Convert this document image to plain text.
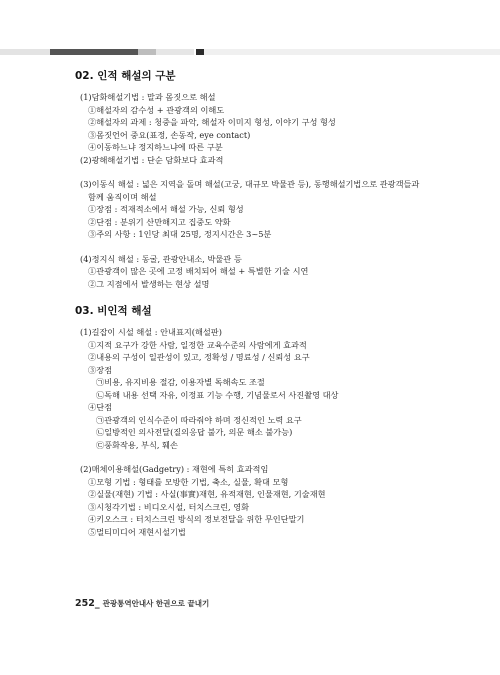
02. 인적 해설의 구분
(1)담화해설기법 : 말과 몸짓으로 해설
①해설자의 감수성 + 관광객의 이해도
②해설자의 과제 : 청중을 파악, 해설자 이미지 형성, 이야기 구성 형성
③몸짓언어 중요(표정, 손동작, eye contact)
④이동하느냐 정지하느냐에 따른 구분
(2)광해해설기법 : 단순 담화보다 효과적
(3)이동식 해설 : 넓은 지역을 돌며 해설(고궁, 대규모 박물관 등), 동행해설기법으로 관광객들과
함께 움직이며 해설
①장점 : 적재적소에서 해설 가능, 신뢰 형성
②단점 : 분위기 산만해지고 집중도 약화
③주의 사항 : 1인당 최대 25명, 정지시간은 3~5분
(4)정지식 해설 : 동굴, 관광안내소, 박물관 등
①관광객이 많은 곳에 고정 배치되어 해설 + 특별한 기술 시연
②그 지점에서 발생하는 현상 설명
03. 비인적 해설
(1)길잡이 시설 해설 : 안내표지(해설판)
①지적 요구가 강한 사람, 일정한 교육수준의 사람에게 효과적
②내용의 구성이 일관성이 있고, 정확성 / 명료성 / 신뢰성 요구
③장점
㉠비용, 유지비용 절감, 이용자별 독해속도 조절
㉡독해 내용 선택 자유, 이정표 기능 수행, 기념물로서 사진촬영 대상
④단점
㉠관광객의 인식수준이 따라줘야 하며 정신적인 노력 요구
㉡일방적인 의사전달(질의응답 불가, 의문 해소 불가능)
㉢풍화작용, 부식, 훼손
(2)매체이용해설(Gadgetry) : 재현에 특히 효과적임
①모형 기법 : 형태를 모방한 기법, 축소, 실물, 확대 모형
②실물(재현) 기법 : 사실(事實)재현, 유적재현, 인물재현, 기술재현
③시청각기법 : 비디오시설, 터치스크린, 영화
④키오스크 : 터치스크린 방식의 정보전달을 위한 무인단말기
⑤멀티미디어 재현시설기법
252_ 관광통역안내사 한권으로 끝내기
